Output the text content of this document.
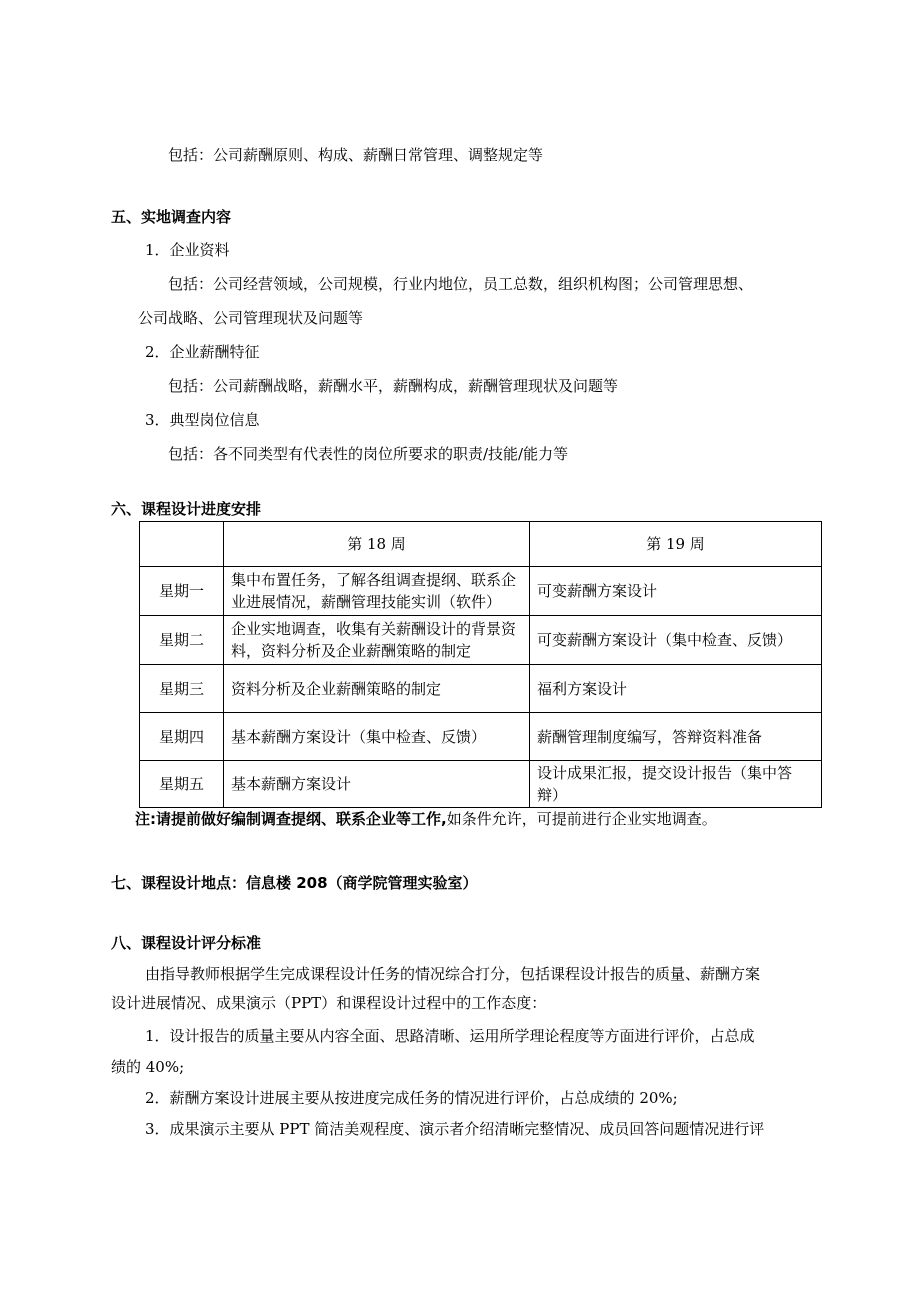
包括：公司薪酬原则、构成、薪酬日常管理、调整规定等
五、实地调查内容
1．企业资料
包括：公司经营领域，公司规模，行业内地位，员工总数，组织机构图；公司管理思想、
公司战略、公司管理现状及问题等
2．企业薪酬特征
包括：公司薪酬战略，薪酬水平，薪酬构成，薪酬管理现状及问题等
3．典型岗位信息
包括：各不同类型有代表性的岗位所要求的职责/技能/能力等
六、课程设计进度安排
	第 18 周	第 19 周
星期一	集中布置任务，了解各组调查提纲、联系企业进展情况，薪酬管理技能实训（软件）	可变薪酬方案设计
星期二	企业实地调查，收集有关薪酬设计的背景资料，资料分析及企业薪酬策略的制定	可变薪酬方案设计（集中检查、反馈）
星期三	资料分析及企业薪酬策略的制定	福利方案设计
星期四	基本薪酬方案设计（集中检查、反馈）	薪酬管理制度编写，答辩资料准备
星期五	基本薪酬方案设计	设计成果汇报，提交设计报告（集中答辩）
注:请提前做好编制调查提纲、联系企业等工作,如条件允许，可提前进行企业实地调查。
七、课程设计地点：信息楼 208（商学院管理实验室）
八、课程设计评分标准
由指导教师根据学生完成课程设计任务的情况综合打分，包括课程设计报告的质量、薪酬方案
设计进展情况、成果演示（PPT）和课程设计过程中的工作态度：
1．设计报告的质量主要从内容全面、思路清晰、运用所学理论程度等方面进行评价，占总成
绩的 40%;
2．薪酬方案设计进展主要从按进度完成任务的情况进行评价，占总成绩的 20%;
3．成果演示主要从 PPT 简洁美观程度、演示者介绍清晰完整情况、成员回答问题情况进行评
